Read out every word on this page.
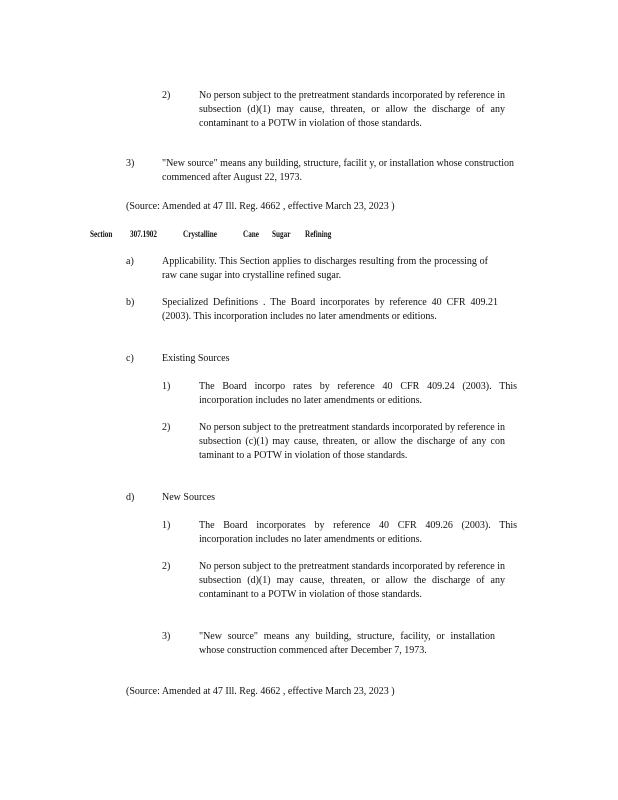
2)	No person subject to the pretreatment standards incorporated by reference in subsection (d)(1) may cause, threaten, or allow the discharge of any contaminant to a POTW in violation of those standards.
3)	"New source" means any building, structure, facilit y, or installation whose construction commenced after August 22, 1973.
(Source: Amended at 47 Ill. Reg. 4662 , effective March 23, 2023 )
Section 307.1902	Crystalline	Cane Sugar Refining
a)	Applicability. This Section applies to discharges resulting from the processing of raw cane sugar into crystalline refined sugar.
b)	Specialized Definitions . The Board incorporates by reference 40 CFR 409.21 (2003). This incorporation includes no later amendments or editions.
c)	Existing Sources
1)	The Board incorpo rates by reference 40 CFR 409.24 (2003). This incorporation includes no later amendments or editions.
2)	No person subject to the pretreatment standards incorporated by reference in subsection (c)(1) may cause, threaten, or allow the discharge of any con taminant to a POTW in violation of those standards.
d)	New Sources
1)	The Board incorporates by reference 40 CFR 409.26 (2003). This incorporation includes no later amendments or editions.
2)	No person subject to the pretreatment standards incorporated by reference in subsection (d)(1) may cause, threaten, or allow the discharge of any contaminant to a POTW in violation of those standards.
3)	"New source" means any building, structure, facility, or installation whose construction commenced after December 7, 1973.
(Source: Amended at 47 Ill. Reg. 4662 , effective March 23, 2023 )
